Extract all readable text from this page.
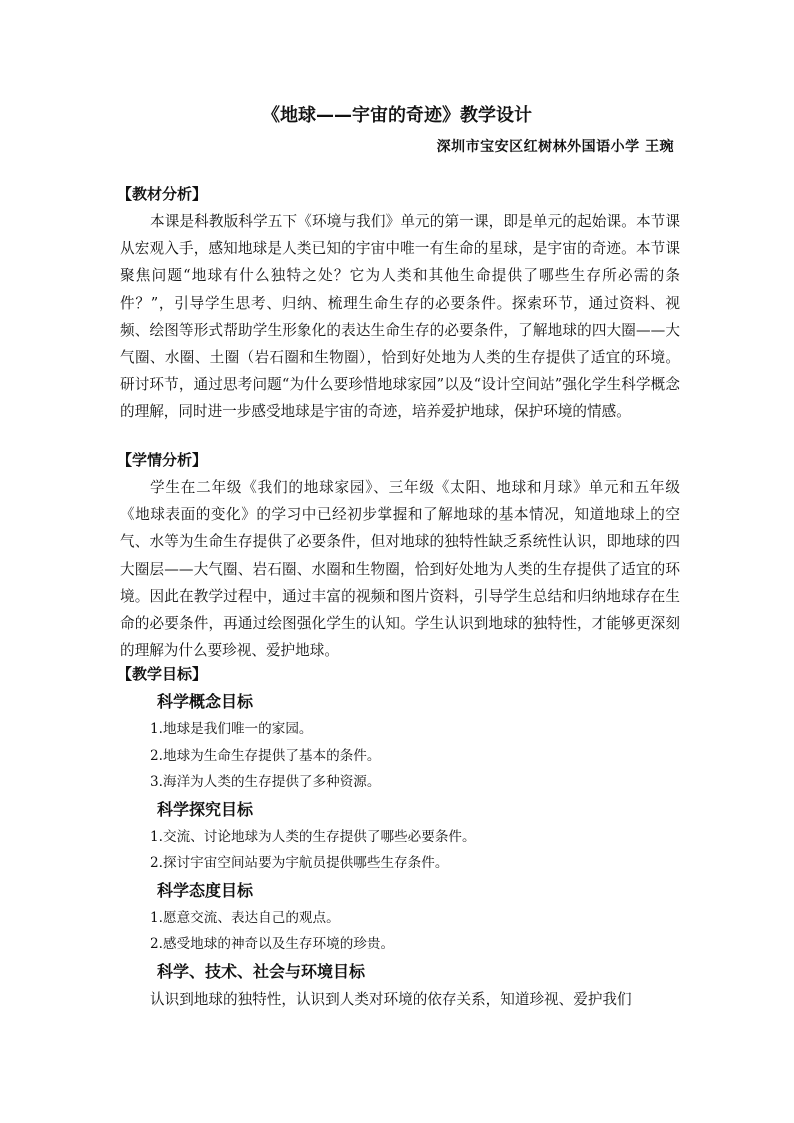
《地球——宇宙的奇迹》教学设计
深圳市宝安区红树林外国语小学 王琬
【教材分析】

本课是科教版科学五下《环境与我们》单元的第一课，即是单元的起始课。本节课从宏观入手，感知地球是人类已知的宇宙中唯一有生命的星球，是宇宙的奇迹。本节课聚焦问题“地球有什么独特之处？它为人类和其他生命提供了哪些生存所必需的条件？”，引导学生思考、归纳、梳理生命生存的必要条件。探索环节，通过资料、视频、绘图等形式帮助学生形象化的表达生命生存的必要条件，了解地球的四大圈——大气圈、水圈、土圈（岩石圈和生物圈），恰到好处地为人类的生存提供了适宜的环境。研讨环节，通过思考问题“为什么要珍惜地球家园”以及“设计空间站”强化学生科学概念的理解，同时进一步感受地球是宇宙的奇迹，培养爱护地球，保护环境的情感。

【学情分析】

学生在二年级《我们的地球家园》、三年级《太阳、地球和月球》单元和五年级《地球表面的变化》的学习中已经初步掌握和了解地球的基本情况，知道地球上的空气、水等为生命生存提供了必要条件，但对地球的独特性缺乏系统性认识，即地球的四大圈层——大气圈、岩石圈、水圈和生物圈，恰到好处地为人类的生存提供了适宜的环境。因此在教学过程中，通过丰富的视频和图片资料，引导学生总结和归纳地球存在生命的必要条件，再通过绘图强化学生的认知。学生认识到地球的独特性，才能够更深刻的理解为什么要珍视、爱护地球。

【教学目标】
科学概念目标
1.地球是我们唯一的家园。
2.地球为生命生存提供了基本的条件。
3.海洋为人类的生存提供了多种资源。
科学探究目标
1.交流、讨论地球为人类的生存提供了哪些必要条件。
2.探讨宇宙空间站要为宇航员提供哪些生存条件。
科学态度目标
1.愿意交流、表达自己的观点。
2.感受地球的神奇以及生存环境的珍贵。
科学、技术、社会与环境目标

认识到地球的独特性，认识到人类对环境的依存关系，知道珍视、爱护我们
